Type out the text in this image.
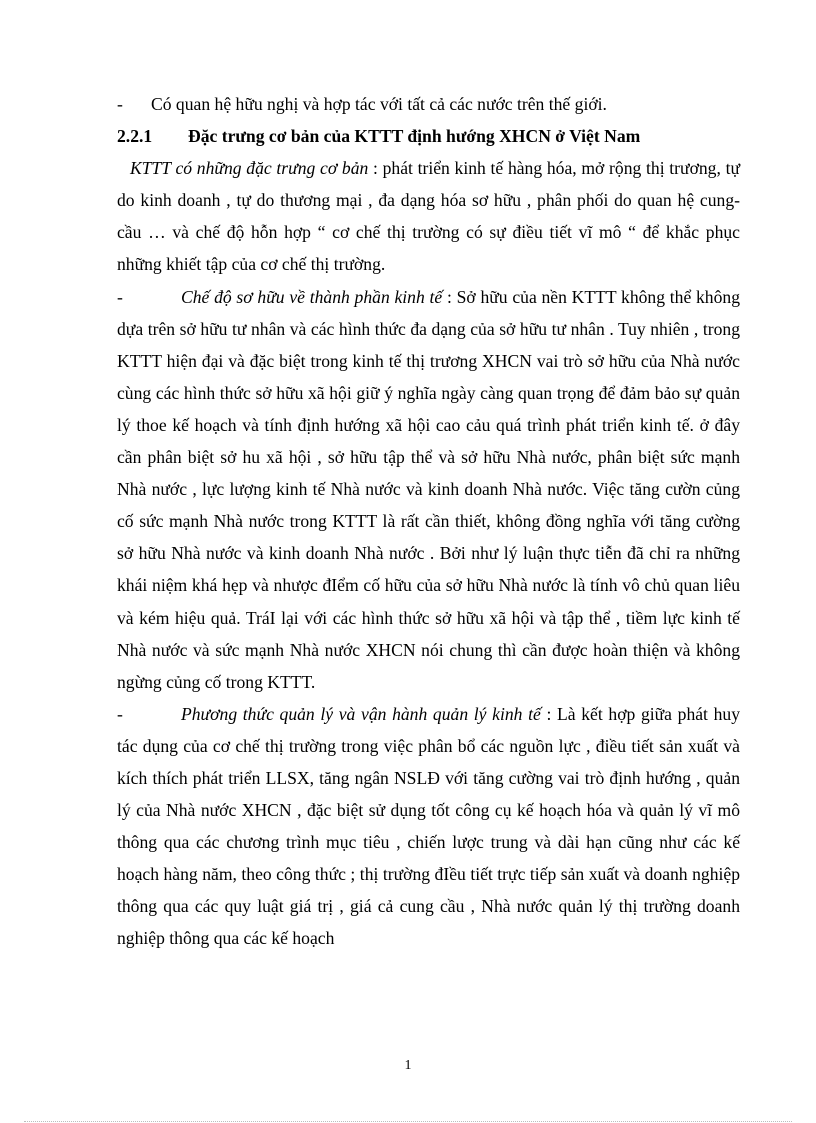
- Có quan hệ hữu nghị và hợp tác với tất cả các nước trên thế giới.

2.2.1 Đặc trưng cơ bản của KTTT định hướng XHCN ở Việt Nam

KTTT có những đặc trưng cơ bản : phát triển kinh tế hàng hóa, mở rộng thị trương, tự do kinh doanh , tự do thương mại , đa dạng hóa sơ hữu , phân phối do quan hệ cung- cầu … và chế độ hỗn hợp “ cơ chế thị trường có sự điều tiết vĩ mô “ để khắc phục những khiết tập của cơ chế thị trường.

-	Chế độ sơ hữu về thành phần kinh tế : Sở hữu của nền KTTT không thể không dựa trên sở hữu tư nhân và các hình thức đa dạng của sở hữu tư nhân . Tuy nhiên , trong KTTT hiện đại và đặc biệt trong kinh tế thị trương XHCN vai trò sở hữu của Nhà nước cùng các hình thức sở hữu xã hội giữ ý nghĩa ngày càng quan trọng để đảm bảo sự quản lý thoe kế hoạch và tính định hướng xã hội cao cảu quá trình phát triển kinh tế. ở đây cần phân biệt sở hu xã hội , sở hữu tập thể và sở hữu Nhà nước, phân biệt sức mạnh Nhà nước , lực lượng kinh tế Nhà nước và kinh doanh Nhà nước. Việc tăng cườn củng cố sức mạnh Nhà nước trong KTTT là rất cần thiết, không đồng nghĩa với tăng cường sở hữu Nhà nước và kinh doanh Nhà nước . Bởi như lý luận thực tiễn đã chỉ ra những khái niệm khá hẹp và nhược đIểm cố hữu của sở hữu Nhà nước là tính vô chủ quan liêu và kém hiệu quả. TráI lại với các hình thức sở hữu xã hội và tập thể , tiềm lực kinh tế Nhà nước và sức mạnh Nhà nước XHCN nói chung thì cần được hoàn thiện và không ngừng củng cố trong KTTT.

-	Phương thức quản lý và vận hành quản lý kinh tế : Là kết hợp giữa phát huy tác dụng của cơ chế thị trường trong việc phân bổ các nguồn lực , điều tiết sản xuất và kích thích phát triển LLSX, tăng ngân NSLĐ với tăng cường vai trò định hướng , quản lý của Nhà nước XHCN , đặc biệt sử dụng tốt công cụ kế hoạch hóa và quản lý vĩ mô thông qua các chương trình mục tiêu , chiến lược trung và dài hạn cũng như các kế hoạch hàng năm, theo công thức ; thị trường đIều tiết trực tiếp sản xuất và doanh nghiệp thông qua các quy luật giá trị , giá cả cung cầu , Nhà nước quản lý thị trường doanh nghiệp thông qua các kế hoạch

1
